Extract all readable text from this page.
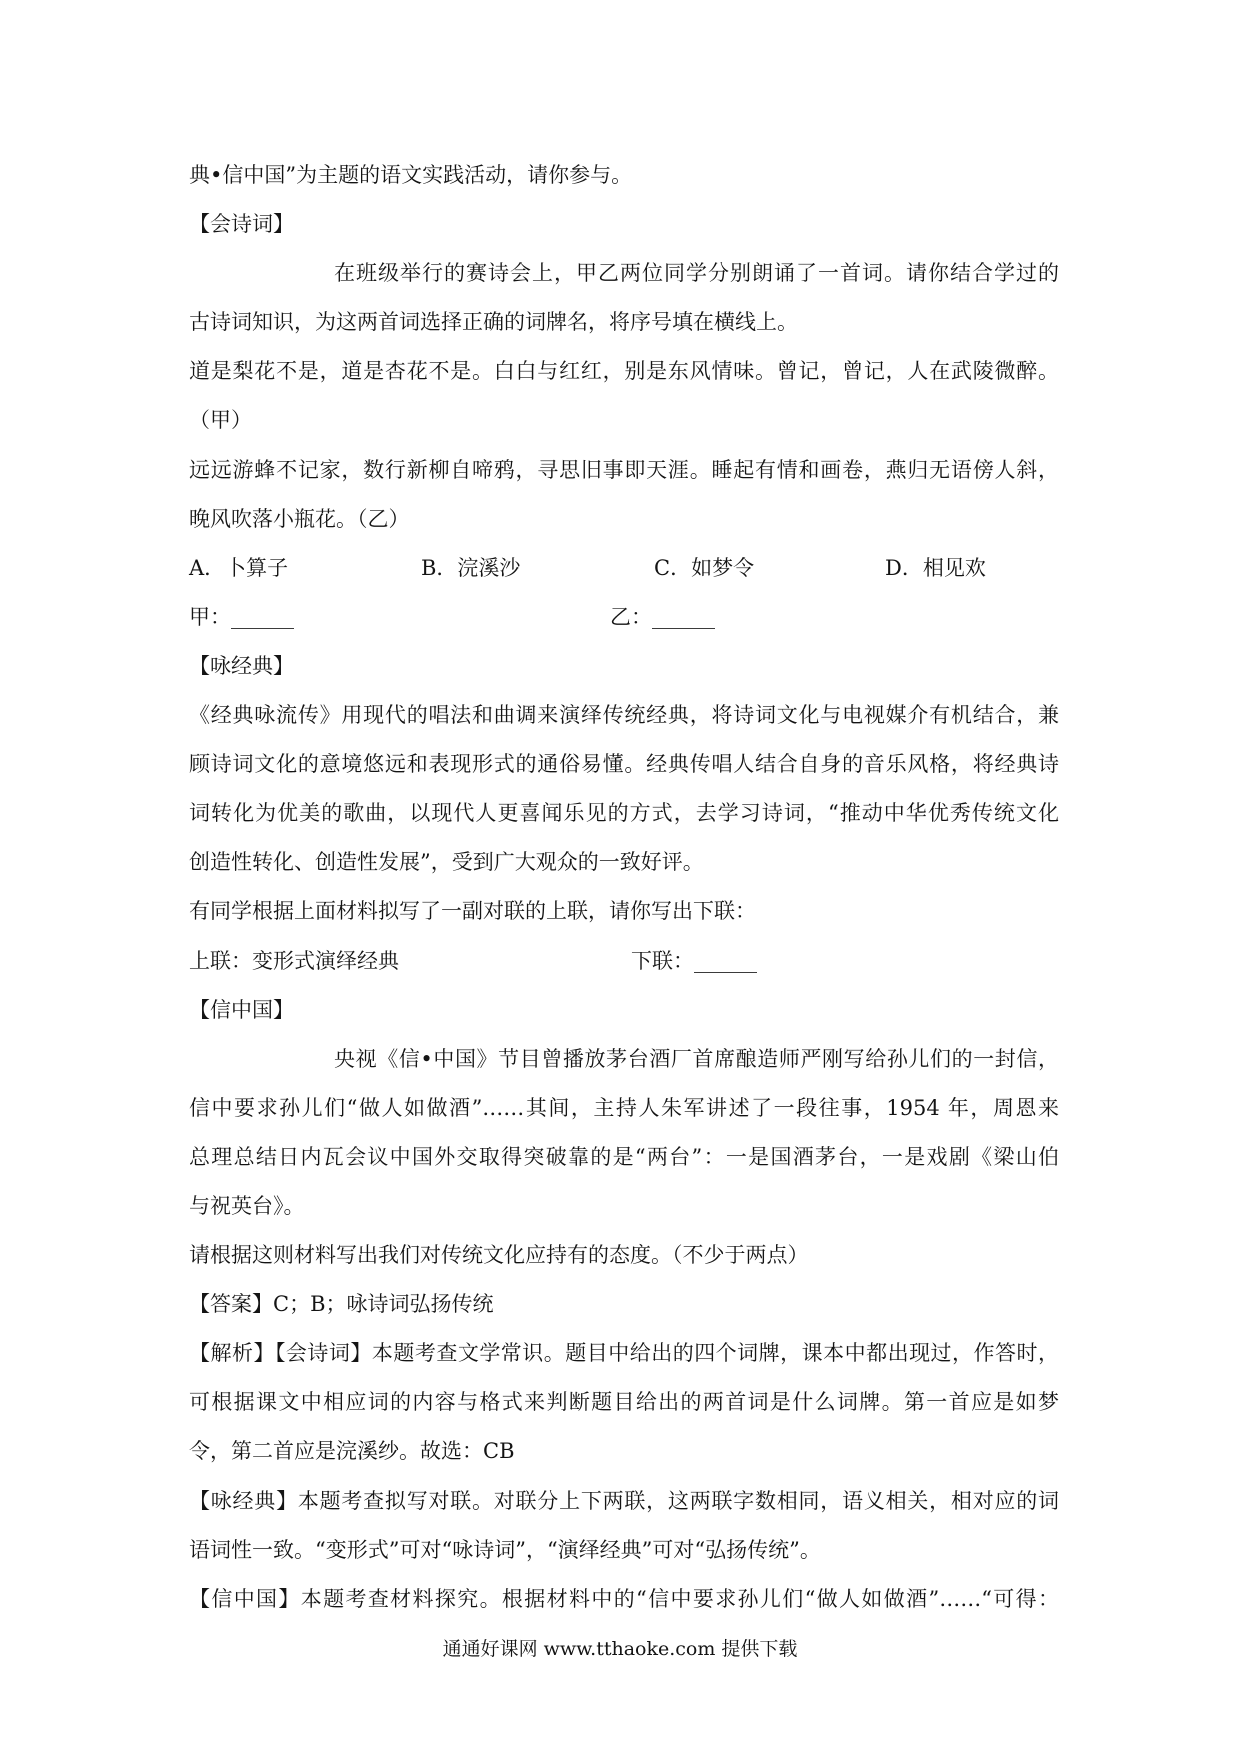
典•信中国”为主题的语文实践活动，请你参与。
【会诗词】
在班级举行的赛诗会上，甲乙两位同学分别朗诵了一首词。请你结合学过的
古诗词知识，为这两首词选择正确的词牌名，将序号填在横线上。
道是梨花不是，道是杏花不是。白白与红红，别是东风情味。曾记，曾记，人在武陵微醉。
（甲）
远远游蜂不记家，数行新柳自啼鸦，寻思旧事即天涯。睡起有情和画卷，燕归无语傍人斜，
晚风吹落小瓶花。（乙）
A．卜算子	B．浣溪沙	C．如梦令	D．相见欢
甲：______	乙：______
【咏经典】
《经典咏流传》用现代的唱法和曲调来演绎传统经典，将诗词文化与电视媒介有机结合，兼
顾诗词文化的意境悠远和表现形式的通俗易懂。经典传唱人结合自身的音乐风格，将经典诗
词转化为优美的歌曲，以现代人更喜闻乐见的方式，去学习诗词，“推动中华优秀传统文化
创造性转化、创造性发展”，受到广大观众的一致好评。
有同学根据上面材料拟写了一副对联的上联，请你写出下联：
上联：变形式演绎经典	下联：______
【信中国】
央视《信•中国》节目曾播放茅台酒厂首席酿造师严刚写给孙儿们的一封信，
信中要求孙儿们“做人如做酒”……其间，主持人朱军讲述了一段往事，1954 年，周恩来
总理总结日内瓦会议中国外交取得突破靠的是“两台”：一是国酒茅台，一是戏剧《梁山伯
与祝英台》。
请根据这则材料写出我们对传统文化应持有的态度。（不少于两点）
【答案】C；B；咏诗词弘扬传统
【解析】【会诗词】本题考查文学常识。题目中给出的四个词牌，课本中都出现过，作答时，
可根据课文中相应词的内容与格式来判断题目给出的两首词是什么词牌。第一首应是如梦
令，第二首应是浣溪纱。故选：CB
【咏经典】本题考查拟写对联。对联分上下两联，这两联字数相同，语义相关，相对应的词
语词性一致。“变形式”可对“咏诗词”，“演绎经典”可对“弘扬传统”。
【信中国】本题考查材料探究。根据材料中的“信中要求孙儿们“做人如做酒”……“可得：
通通好课网 www.tthaoke.com 提供下载
